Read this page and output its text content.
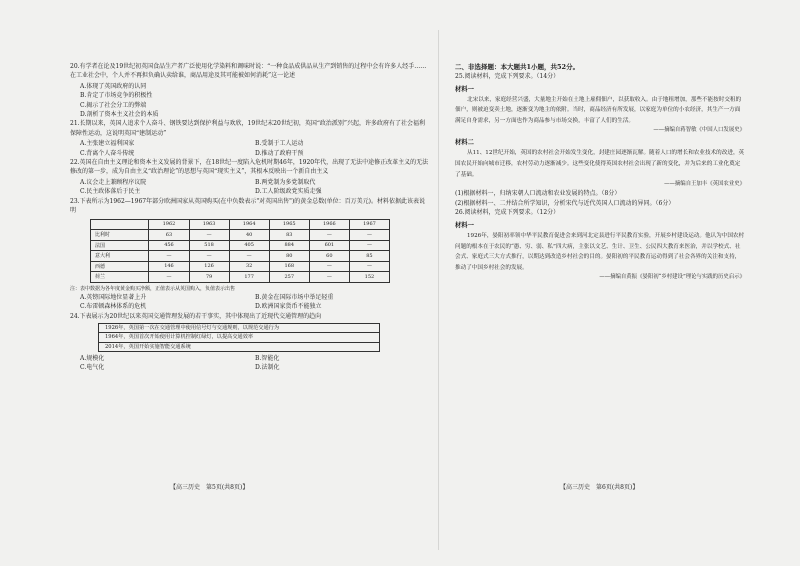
20.有学者在论及19世纪初英国食品生产者广泛使用化学染料和调味时说：“一种食品成供品从生产到销售的过程中会有许多人经手……在工业社会中，个人并不再担负确认卖给谁，商品用途及其可能被如何消耗”这一论述

A.体现了英国政府的认同
B.肯定了市场竞争的积极性
C.揭示了社会分工的弊端
D.剖析了资本主义社会的本质

21.长期以来，英国人追求个人奋斗、钢铁要达到保护利益与欢欣，19世纪末20世纪初，英国“政治派别”兴起，许多政府有了社会福利保障性运动，这说明英国“建制运动”

A.主张建立福利国家	B.受制于工人运动
C.背离个人奋斗传统	D.推动了政府干预

22.英国在自由主义理论和资本主义发展的背景下，在18世纪一度陷入危机时期46年，1920年代，出现了无法中途修正改革主义的无法修改的第一步，成为自由主义“政治理论”的思想与英国“现实主义”，其根本反映出一个新自由主义

A.议会走上兼顾程序议院	B.两党制为多党制取代
C.民主政体落后于民主	D.工人阶级政党实质走强

23.下表所示为1962—1967年部分欧洲国家从英国购买(在中负数表示"对英国出售")的黄金总数(单位：百万美元)。材料依据此该表说明

	1962	1963	1964	1965	1966	1967
比利时	63	—	40	83	—	—
法国	456	518	405	884	601	—
意大利	—	—	—	80	60	85
西德	146	126	32	168	—	—
荷兰	—	79	177	257	—	152
注：表中数据为各年度黄金购买净额，正值表示从英国购入，负值表示出售
A.英镑国际地位显著上升	B.黄金在国际市场中举足轻重
C.布雷顿森林体系的危机	D.欧洲国家货币不能独立

24.下表展示为20世纪以来英国交通管理发展的若干事实，其中体现出了近现代交通管理的趋向

1926年，英国第一次在交通管理中使用信号灯与交通规则，以规范交通行为
1964年，英国首次开始使用计算机控制红绿灯，以提高交通效率
2014年，英国开始实施智能交通系统
A.规模化	B.智能化
C.电气化	D.法制化
二、非选择题：本大题共1小题，共52分。
25.阅读材料，完成下列要求。（14分）
材料一

北宋以来，家庭经营兴盛，大量地主开始在土地上雇佣佃户，以获取收入。由于地租增加，那些不能按时交租的佃户，则被迫变卖土地，逐渐变为地主的依附。当时，商品经济有所发展，以家庭为单位的小农经济，其生产一方面满足自身需求，另一方面也作为商品参与市场交换，丰富了人们的生活。

——摘编自蒋智敏《中国人口发展史》
材料二

从11、12世纪开始，英国的农村社会开始发生变化，封建庄园逐渐瓦解。随着人口的增长和农业技术的改进，英国农民开始向城市迁移，农村劳动力逐渐减少。这些变化使得英国农村社会出现了新的变化，并为后来的工业化奠定了基础。

——摘编自王加丰《英国农业史》
(1)根据材料一，归纳宋朝人口流动和农业发展的特点。（8分）
(2)根据材料一、二并结合所学知识，分析宋代与近代英国人口流动的异同。（6分）
26.阅读材料，完成下列要求。（12分）
材料一

1926年，晏阳初率领中华平民教育促进会来到河北定县进行平民教育实验，开展乡村建设运动。他认为中国农村问题的根本在于农民的“愚、穷、弱、私”四大病，主张以文艺、生计、卫生、公民四大教育来医治，并以学校式、社会式、家庭式三大方式推行，以期达到改造乡村社会的目的。晏阳初的平民教育运动得到了社会各界的关注和支持，推动了中国乡村社会的发展。

——摘编自黄振《晏阳初“乡村建设”理论与实践的历史启示》
【高三历史　第5页(共8页)】	【高三历史　第6页(共8页)】
